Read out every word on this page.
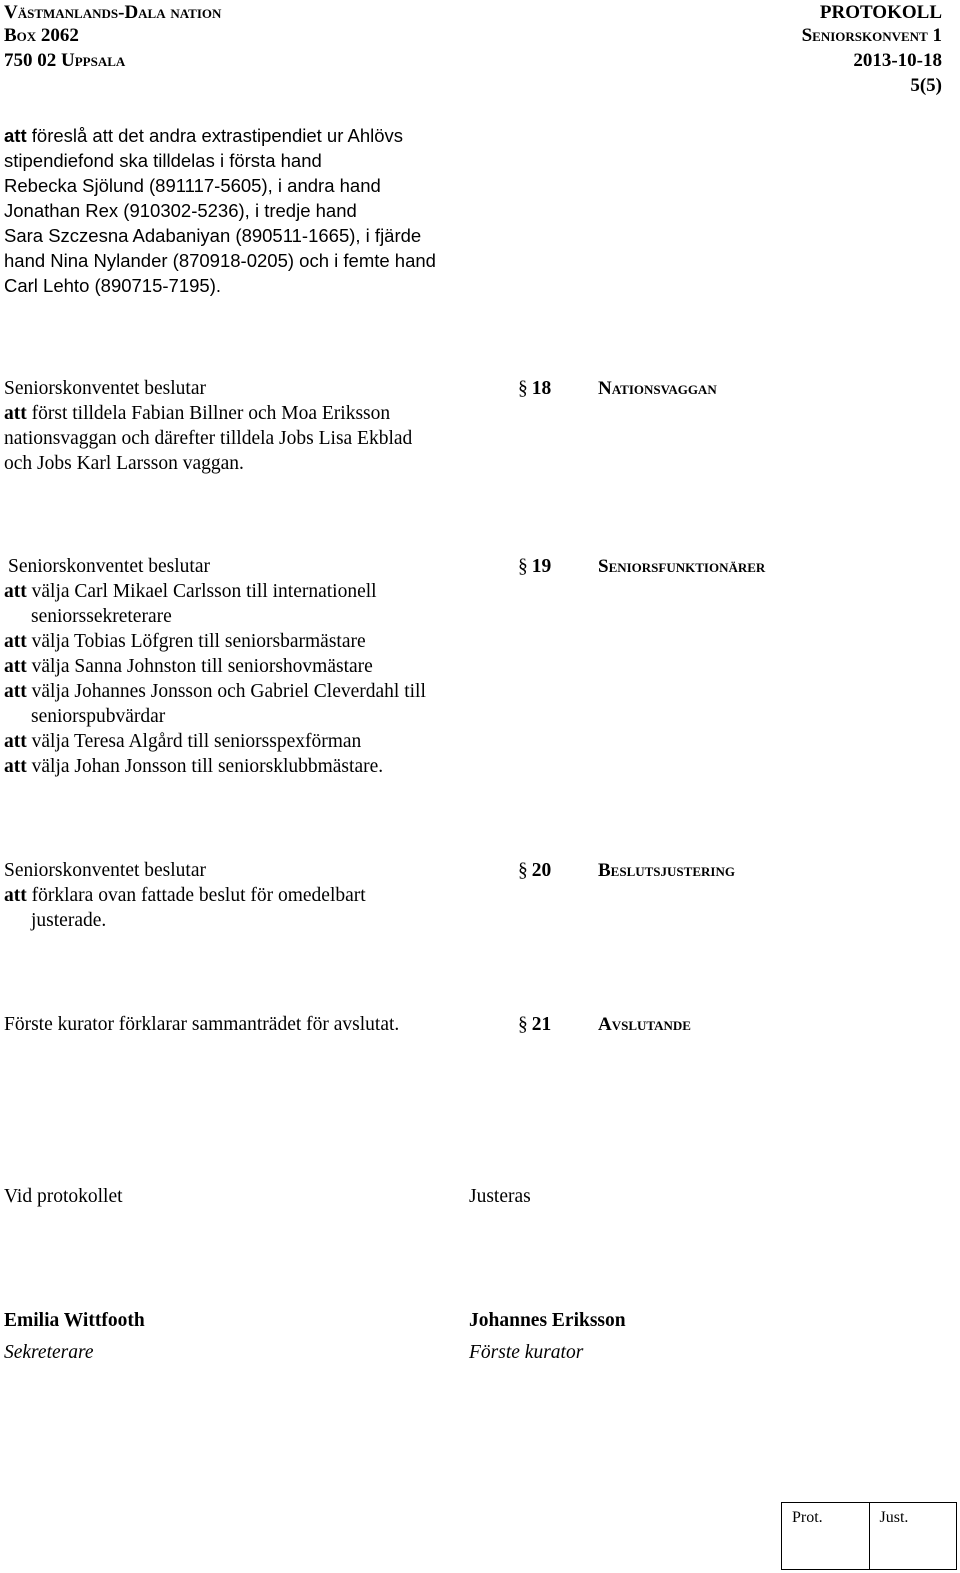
Västmanlands-Dala nation
Box 2062
750 02 Uppsala
PROTOKOLL
Seniorskonvent 1
2013-10-18
5(5)
att föreslå att det andra extrastipendiet ur Ahlövs
stipendiefond ska tilldelas i första hand
Rebecka Sjölund (891117-5605), i andra hand
Jonathan Rex (910302-5236), i tredje hand
Sara Szczesna Adabaniyan (890511-1665), i fjärde
hand Nina Nylander (870918-0205) och i femte hand
Carl Lehto (890715-7195).
Seniorskonventet beslutar
att först tilldela Fabian Billner och Moa Eriksson
nationsvaggan och därefter tilldela Jobs Lisa Ekblad
och Jobs Karl Larsson vaggan.
§ 18 Nationsvaggan
Seniorskonventet beslutar
att välja Carl Mikael Carlsson till internationell
seniorssekreterare
att välja Tobias Löfgren till seniorsbarmästare
att välja Sanna Johnston till seniorshovmästare
att välja Johannes Jonsson och Gabriel Cleverdahl till
seniorspubvärdar
att välja Teresa Algård till seniorsspexförman
att välja Johan Jonsson till seniorsklubbmästare.
§ 19 Seniorsfunktionärer
Seniorskonventet beslutar
att förklara ovan fattade beslut för omedelbart
justerade.
§ 20 Beslutsjustering
Förste kurator förklarar sammanträdet för avslutat.	§ 21 Avslutande
Vid protokollet	Justeras
Emilia Wittfooth
Sekreterare
Johannes Eriksson
Förste kurator
Prot.	Just.
